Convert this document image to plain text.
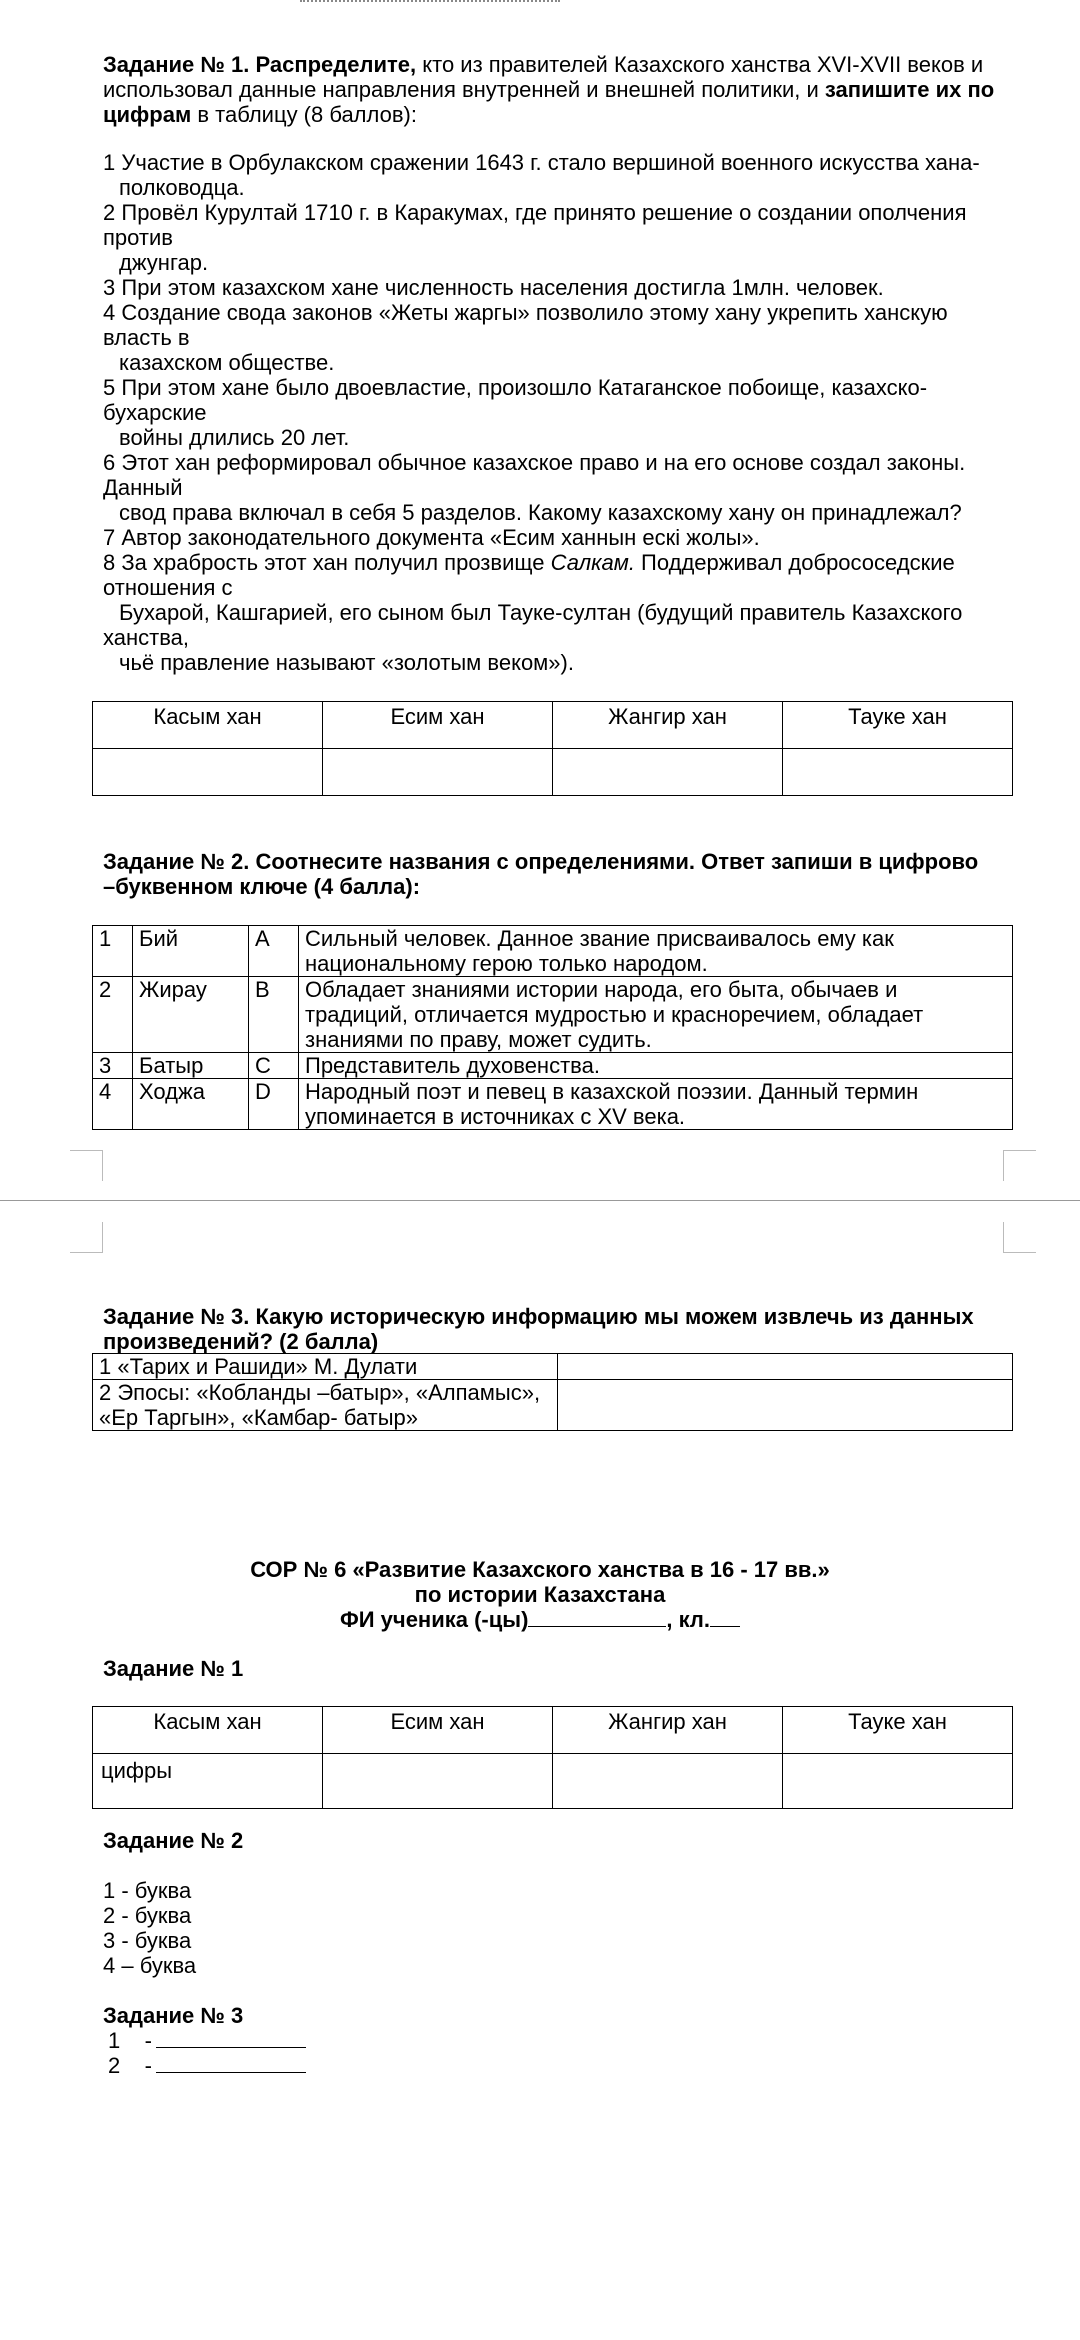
Задание № 1. Распределите, кто из правителей Казахского ханства XVI-XVII веков и
использовал данные направления внутренней и внешней политики, и запишите их по
цифрам в таблицу (8 баллов):
1 Участие в Орбулакском сражении 1643 г. стало вершиной военного искусства хана-
полководца.
2 Провёл Курултай 1710 г. в Каракумах, где принято решение о создании ополчения
против
джунгар.
3 При этом казахском хане численность населения достигла 1млн. человек.
4 Создание свода законов «Жеты жаргы» позволило этому хану укрепить ханскую
власть в
казахском обществе.
5 При этом хане было двоевластие, произошло Катаганское побоище, казахско-
бухарские
войны длились 20 лет.
6 Этот хан реформировал обычное казахское право и на его основе создал законы.
Данный
свод права включал в себя 5 разделов. Какому казахскому хану он принадлежал?
7 Автор законодательного документа «Есим ханнын ескі жолы».
8 За храбрость этот хан получил прозвище Салкам. Поддерживал добрососедские
отношения с
Бухарой, Кашгарией, его сыном был Тауке-султан (будущий правитель Казахского
ханства,
чьё правление называют «золотым веком»).
Касым хан	Есим хан	Жангир хан	Тауке хан

Задание № 2. Соотнесите названия с определениями. Ответ запиши в цифрово
–буквенном ключе (4 балла):
1	Бий	A	Сильный человек. Данное звание присваивалось ему как
национальному герою только народом.

2	Жирау	B	Обладает знаниями истории народа, его быта, обычаев и
традиций, отличается мудростью и красноречием, обладает
знаниями по праву, может судить.

3	Батыр	C	Представитель духовенства.

4	Ходжа	D	Народный поэт и певец в казахской поэзии. Данный термин
упоминается в источниках с XV века.
Задание № 3. Какую историческую информацию мы можем извлечь из данных
произведений? (2 балла)
1 «Тарих и Рашиди» М. Дулати	

2 Эпосы: «Кобланды –батыр», «Алпамыс»,
«Ер Таргын», «Камбар- батыр»	

СОР № 6 «Развитие Казахского ханства в 16 - 17 вв.»
по истории Казахстана
ФИ ученика (-цы)	, кл.
Задание № 1
Касым хан	Есим хан	Жангир хан	Тауке хан
цифры			
Задание № 2
1 - буква
2 - буква
3 - буква
4 – буква
Задание № 3
1    -
2    -
